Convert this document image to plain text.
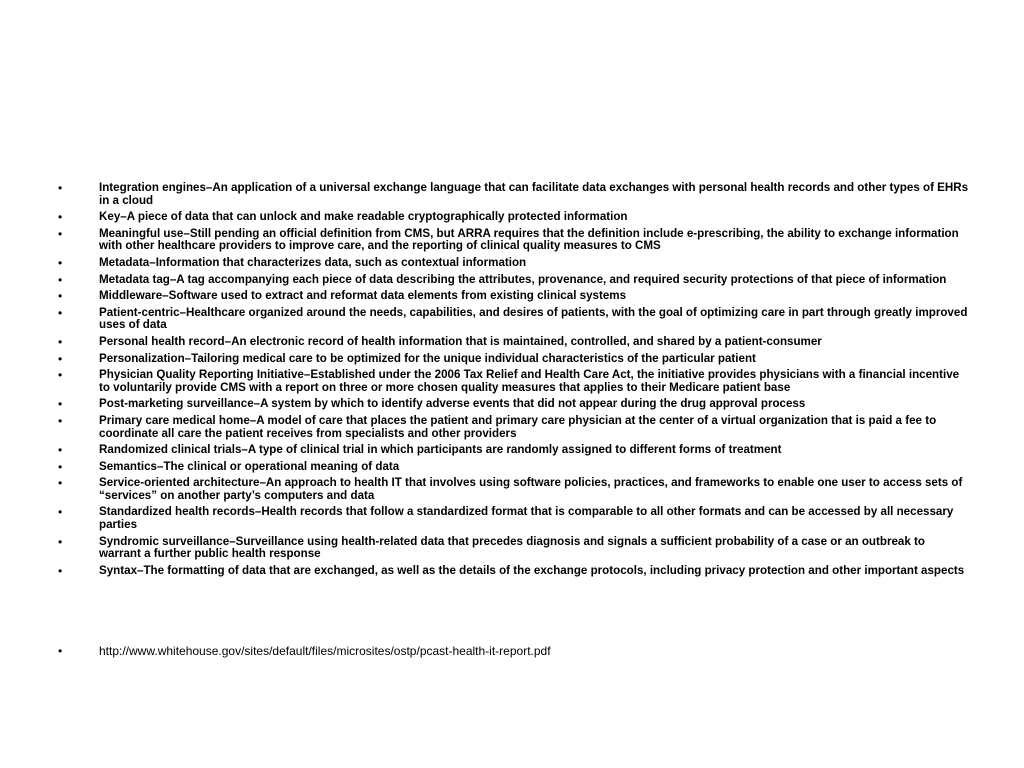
•	Integration engines–An application of a universal exchange language that can facilitate data exchanges with personal health records and other types of EHRs in a cloud
•	Key–A piece of data that can unlock and make readable cryptographically protected information
•	Meaningful use–Still pending an official definition from CMS, but ARRA requires that the definition include e-prescribing, the ability to exchange information with other healthcare providers to improve care, and the reporting of clinical quality measures to CMS
•	Metadata–Information that characterizes data, such as contextual information
•	Metadata tag–A tag accompanying each piece of data describing the attributes, provenance, and required security protections of that piece of information
•	Middleware–Software used to extract and reformat data elements from existing clinical systems
•	Patient-centric–Healthcare organized around the needs, capabilities, and desires of patients, with the goal of optimizing care in part through greatly improved uses of data
•	Personal health record–An electronic record of health information that is maintained, controlled, and shared by a patient-consumer
•	Personalization–Tailoring medical care to be optimized for the unique individual characteristics of the particular patient
•	Physician Quality Reporting Initiative–Established under the 2006 Tax Relief and Health Care Act, the initiative provides physicians with a financial incentive to voluntarily provide CMS with a report on three or more chosen quality measures that applies to their Medicare patient base
•	Post-marketing surveillance–A system by which to identify adverse events that did not appear during the drug approval process
•	Primary care medical home–A model of care that places the patient and primary care physician at the center of a virtual organization that is paid a fee to coordinate all care the patient receives from specialists and other providers
•	Randomized clinical trials–A type of clinical trial in which participants are randomly assigned to different forms of treatment
•	Semantics–The clinical or operational meaning of data
•	Service-oriented architecture–An approach to health IT that involves using software policies, practices, and frameworks to enable one user to access sets of “services” on another party’s computers and data
•	Standardized health records–Health records that follow a standardized format that is comparable to all other formats and can be accessed by all necessary parties
•	Syndromic surveillance–Surveillance using health-related data that precedes diagnosis and signals a sufficient probability of a case or an outbreak to warrant a further public health response
•	Syntax–The formatting of data that are exchanged, as well as the details of the exchange protocols, including privacy protection and other important aspects
•	http://www.whitehouse.gov/sites/default/files/microsites/ostp/pcast-health-it-report.pdf
